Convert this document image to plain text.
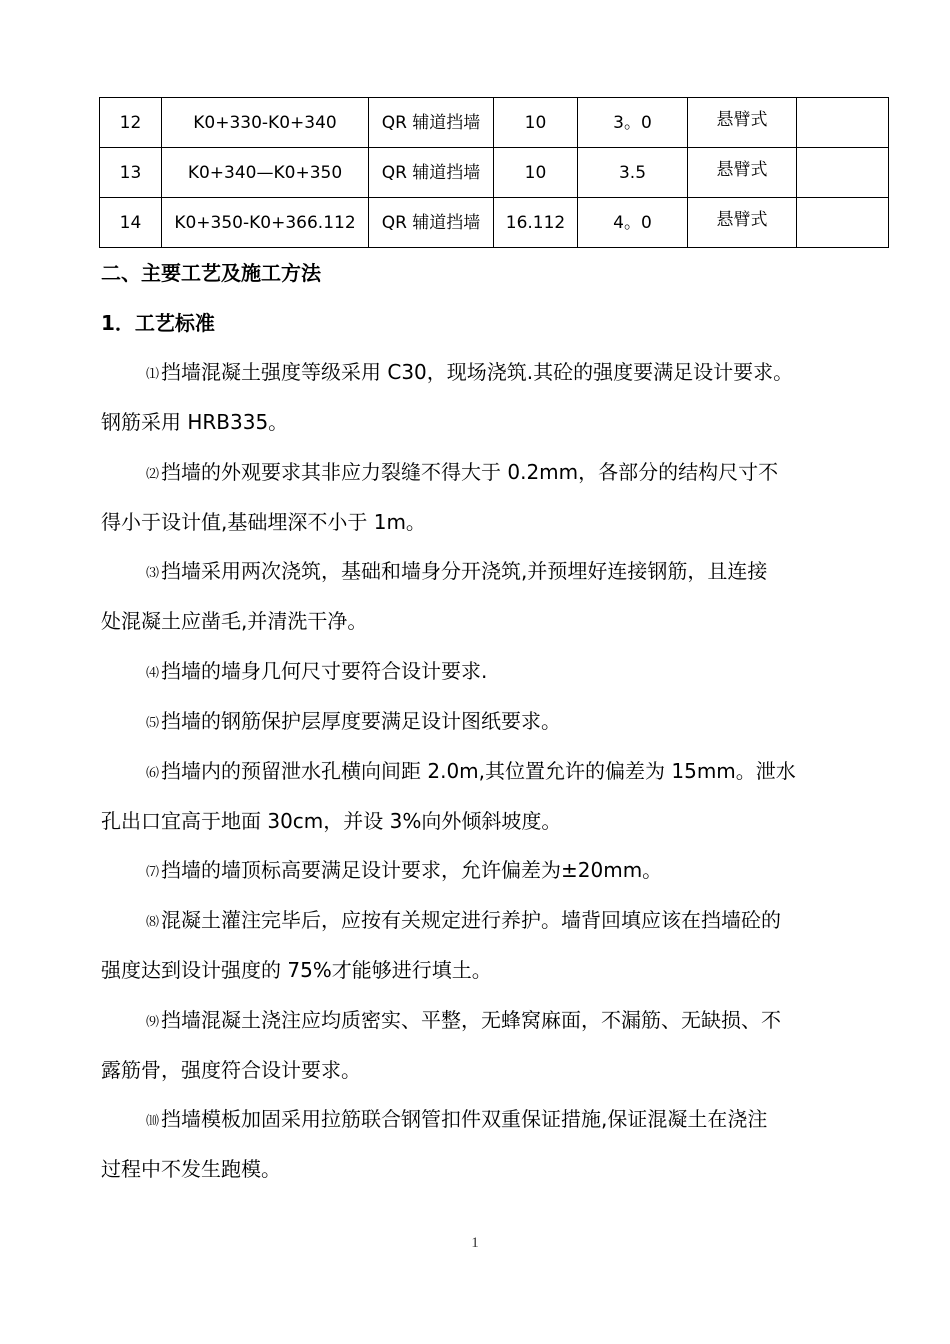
12	K0+330-K0+340	QR 辅道挡墙	10	3。0	悬臂式	
13	K0+340—K0+350	QR 辅道挡墙	10	3.5	悬臂式	
14	K0+350-K0+366.112	QR 辅道挡墙	16.112	4。0	悬臂式	
二、主要工艺及施工方法
1．工艺标准
⑴ 挡墙混凝土强度等级采用 C30，现场浇筑.其砼的强度要满足设计要求。
钢筋采用 HRB335。
⑵ 挡墙的外观要求其非应力裂缝不得大于 0.2mm，各部分的结构尺寸不
得小于设计值,基础埋深不小于 1m。
⑶ 挡墙采用两次浇筑，基础和墙身分开浇筑,并预埋好连接钢筋，且连接
处混凝土应凿毛,并清洗干净。
⑷ 挡墙的墙身几何尺寸要符合设计要求.
⑸ 挡墙的钢筋保护层厚度要满足设计图纸要求。
⑹ 挡墙内的预留泄水孔横向间距 2.0m,其位置允许的偏差为 15mm。泄水
孔出口宜高于地面 30cm，并设 3%向外倾斜坡度。
⑺ 挡墙的墙顶标高要满足设计要求，允许偏差为±20mm。
⑻ 混凝土灌注完毕后，应按有关规定进行养护。墙背回填应该在挡墙砼的
强度达到设计强度的 75%才能够进行填土。
⑼ 挡墙混凝土浇注应均质密实、平整，无蜂窝麻面，不漏筋、无缺损、不
露筋骨，强度符合设计要求。
⑽ 挡墙模板加固采用拉筋联合钢管扣件双重保证措施,保证混凝土在浇注
过程中不发生跑模。
1
